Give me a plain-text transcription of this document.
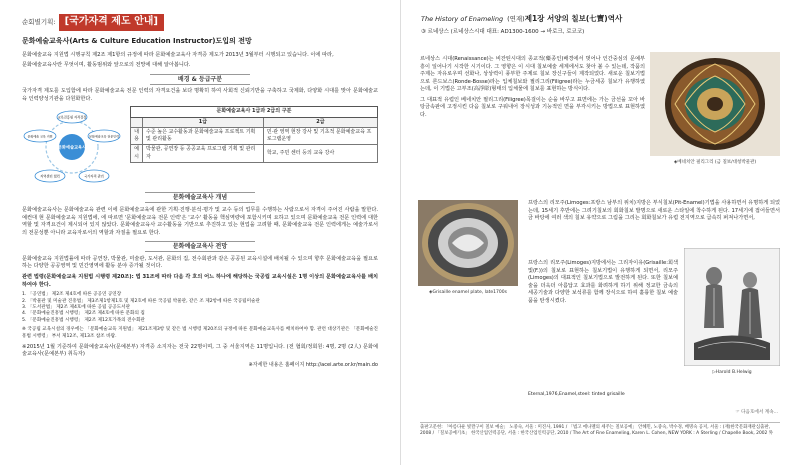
순회별기획: [국가자격 제도 안내]
문화예술교육사(Arts & Culture Education Instructor)도입의 전망

문화예술교육 지원법 시행규칙 제2조 제1항의 규정에 따라 문화예술교육사 자격증 제도가 2013년 3월부터 시행되고 있습니다. 이에 따라,

문화예술교육사란 무엇이며, 활동범위와 앞으로의 전망에 대해 알아봅니다.

배경 & 등급구분

국가자격 제도를 도입함에 따라 문화예술교육 전문 인력의 자격요건을 보다 명확히 하여 사회적 신뢰기반을 구축하고 국제화, 다양화 시대를 맞아 문화예술교육 인력양성기관을 다원화한다.

문화예술교육사
교육진흥원 자격검정
문화예술교육 전문인력
국가자격 관리
지역센터 협력
문화예술 교육 지원
문화예술교육사 1급과 2급의 구분		
	1급	2급
내용	수준 높은 교수활동과 문화예술교육 프로젝트 기획 및 관리활동	민·관 영역 현장 강사 및 기초적 문화예술교육 프로그램운영
예시	박물관, 공연장 등 공공교육 프로그램 기획 및 관리자	학교, 주민 센터 등의 교육 강사
문화예술교육사 개념

문화예술교육사는 문화예술교육 관련 이에 문화예술교육에 관한 기획·진행·분석·평가 및 교수 등의 업무를 수행하는 사람으로서 자격이 주어진 사람을 말한다. 예컨대 현 문화예술교육 지원법에, 에 따르면 '문화예술교육 전문 인력'은 '교수' 활동을 핵심역량에 포함시키며 요하고 있으며 문화예술교육 전문 인력에 대한 역할 및 자격요건이 제시되어 있지 않았다. 문화예술교육사 교수활동을 기반으로 추진하고 있는 현업을 고려할 때, 문화예술교육 전문 인력에게는 예술가로서의 전문성뿐 아니라 교육자로서의 역할과 자질을 필요로 한다.

문화예술교육사 전망

문화예술교육 지원법률에 따라 공연장, 박물관, 미술관, 도서관, 문화의 집, 전수회관과 같은 공공된 교육시설에 배치될 수 있으며 향후 문화예술교육을 필요로 하는 다양한 공공영역 및 민간영역에 활동 분야 증가될 것이다.

관련 법령(문화예술교육 지원법 시행령 제20조): 법 31조에 따라 다음 각 호의 어느 하나에 해당하는 국공립 교육시설은 1명 이상의 문화예술교육사를 배치하여야 한다.

1. 「공연법」 제2조 제4호에 따른 공공연 공연장
2. 「박물관 및 미술관 진흥법」 제3조제1항제1호 및 제2호에 따른 국공립 박물관, 같은 조 제2항에 따른 국공립미술관
3. 「도서관법」 제2조 제4호에 따른 공립 공공도서관
4. 「문화예술진흥법 시행령」 제2조 제4호에 따른 문화의 집
5. 「문화예술진흥법 시행령」 제2조 제12호가목의 전수회관

※ 국공립 교육시설의 경우에는 「문화예술교육 지원법」 제21조제3항 및 같은 법 시행령 제20조의 규정에 따른 문화예술교육사를 배치하여야 함. 관련 대상기관은 「문화예술진흥법 시행령」 부서 제12조, 제13조 참조 바람.

※2015년 1월 기준하여 문화예술교육사(문예본부) 자격증 소지자는 전국 22명이며, 그 중 서울지역은 11명입니다. (전 협회/정회원: 4명, 2명 (2人) 문화예술교육사(문예본부) 취득자)

※자세한 내용은 홈페이지 http://acei.arte.or.kr/main.do
The History of Enameling (연재) 제1장 서양의 칠보(七寶)역사
③ 르네상스 (르네상스시대 대표: AD1300-1600 → 바로크, 로코코)

르네상스 시대(Renaissance)는 비잔틴시대의 종교적(藥종인)배경에서 벗어나 인간중심의 문예부흥이 일어나기 시작한 시기이다. 그 영향은 이 시대 칠보예술 세계에서도 찾아 볼 수 있는데, 작품의 주제는 자유로우며 선화나, 상상력이 풍부한 주제로 칠보 장신구들이 제작되었다. 새로운 칠보기법으로 론드보스(Ronde-Bosse)라는 입체칠보와 필리그리(Filigree)라는 누금세공 칠보가 유행하였는데, 이 기법은 고부조(高浮彫)형태의 입체물에 칠보를 표현하는 방식이다.

그 대표적 유럽인 베네치안 필리그리(Filigree)목걸이는 순을 바꾸고 표면에는 가는 금선을 꼬아 바탕금속판에 고정시킨 다음 칠보로 구워내어 장식성과 기능적인 면을 부각시키는 방법으로 표현하였다.

◈베네치안 필리그리 (금 칠보/대청박물관)
◈Grisaille enamel plate, late1700s

프랑스의 리모주(Limoges:프랑스 남부의 위치)지방은 부식칠보(Pit-Enamel)기법을 사용하면서 유명하게 되었는데, 15세기 후반에는 그려기칠보의 회화칠보 발명으로 새로운 스타일에 착수하게 된다. 17세기에 접어들면서 금 바탕에 여러 색의 칠보 유약으로 그림을 그리는 회화칠보가 유럽 전지역으로 급속히 퍼져나가면서,

프랑스의 리모주(Limoges)지방에서는 그리자이유(Grisaille:회색빛(F.))의 칠보로 표현하는 칠보기법이 유행하게 되면서, 리모주(Limoges)의 대표적인 칠보기법으로 발전하게 된다. 또한 칠보예술을 더욱더 아름답고 효과를 화려하게 하기 위해 정교한 금속의 세공기술과 다양한 보석류를 함께 장식으로 하여 훌륭한 칠보 예술품을 탄생시켰다.

▷Harold B.Helwig
Eternal,1976,Enamel,steel: tinted grisaille
☞ 다음호에서 계속...
출판고문헌: 「아름다운 빛깔구이 칠보 예술」 노중숙, 서울 : 미진사, 1991 / 「법고 에나멜의 세주는 칠보공예」 안혜민, 노중숙, 박수경, 배명숙 공저, 서울 : (재)한국문화재관심출판, 2008 / 「칠보공예기초」 한국산업인력공단, 서울 : 한국산업인력공단, 2010 / The Art of Fine Enameling, Karen L. Cohen, NEW YORK : A Sterling / Chapelle Book, 2002 外
